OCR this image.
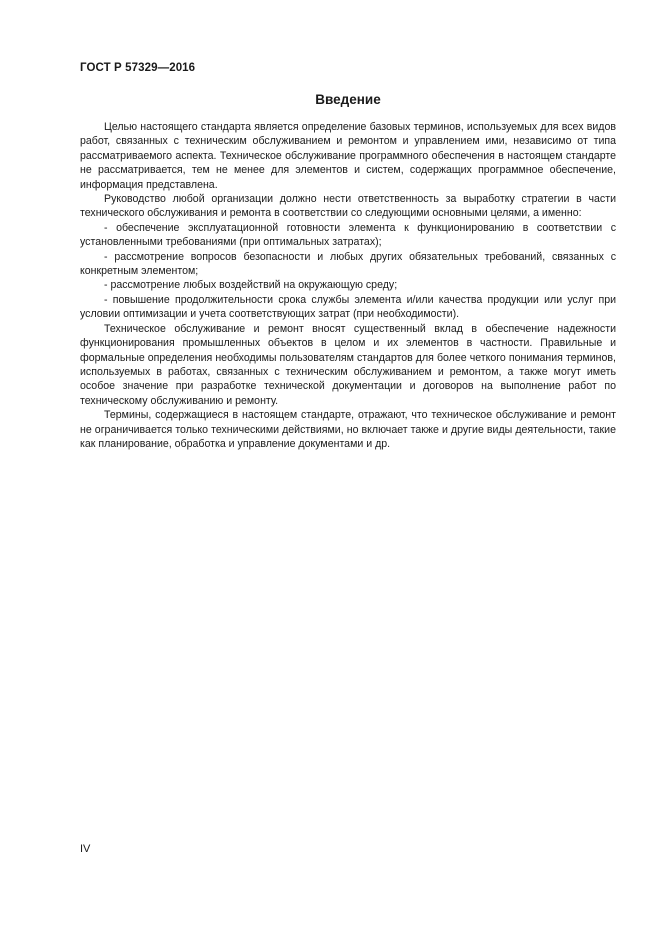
ГОСТ Р 57329—2016
Введение

Целью настоящего стандарта является определение базовых терминов, используемых для всех видов работ, связанных с техническим обслуживанием и ремонтом и управлением ими, независимо от типа рассматриваемого аспекта. Техническое обслуживание программного обеспечения в настоящем стандарте не рассматривается, тем не менее для элементов и систем, содержащих программное обеспечение, информация представлена.

Руководство любой организации должно нести ответственность за выработку стратегии в части технического обслуживания и ремонта в соответствии со следующими основными целями, а именно:

- обеспечение эксплуатационной готовности элемента к функционированию в соответствии с установленными требованиями (при оптимальных затратах);

- рассмотрение вопросов безопасности и любых других обязательных требований, связанных с конкретным элементом;

- рассмотрение любых воздействий на окружающую среду;

- повышение продолжительности срока службы элемента и/или качества продукции или услуг при условии оптимизации и учета соответствующих затрат (при необходимости).

Техническое обслуживание и ремонт вносят существенный вклад в обеспечение надежности функционирования промышленных объектов в целом и их элементов в частности. Правильные и формальные определения необходимы пользователям стандартов для более четкого понимания терминов, используемых в работах, связанных с техническим обслуживанием и ремонтом, а также могут иметь особое значение при разработке технической документации и договоров на выполнение работ по техническому обслуживанию и ремонту.

Термины, содержащиеся в настоящем стандарте, отражают, что техническое обслуживание и ремонт не ограничивается только техническими действиями, но включает также и другие виды деятельности, такие как планирование, обработка и управление документами и др.

IV
